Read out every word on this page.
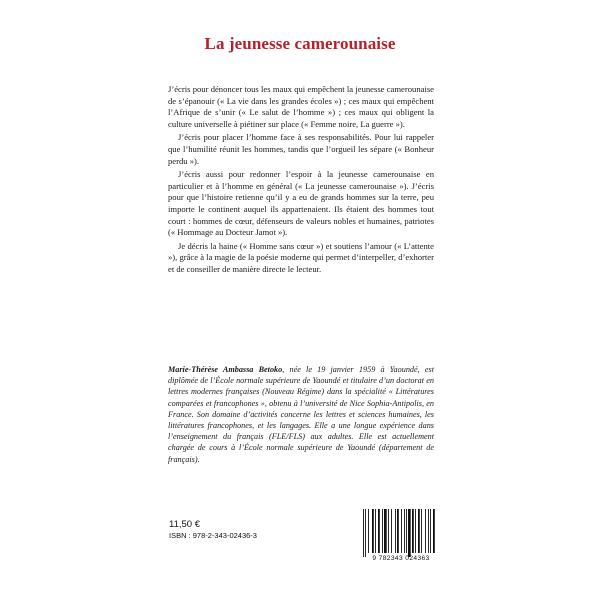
La jeunesse camerounaise

J’écris pour dénoncer tous les maux qui empêchent la jeunesse camerounaise de s’épanouir (« La vie dans les grandes écoles ») ; ces maux qui empêchent l’Afrique de s’unir (« Le salut de l’homme ») ; ces maux qui obligent la culture universelle à piétiner sur place (« Femme noire, La guerre »).

J’écris pour placer l’homme face à ses responsabilités. Pour lui rappeler que l’humilité réunit les hommes, tandis que l’orgueil les sépare (« Bonheur perdu »).

J’écris aussi pour redonner l’espoir à la jeunesse camerounaise en particulier et à l’homme en général (« La jeunesse camerounaise »). J’écris pour que l’histoire retienne qu’il y a eu de grands hommes sur la terre, peu importe le continent auquel ils appartenaient. Ils étaient des hommes tout court : hommes de cœur, défenseurs de valeurs nobles et humaines, patriotes (« Hommage au Docteur Jamot »).

Je décris la haine (« Homme sans cœur ») et soutiens l’amour (« L’attente »), grâce à la magie de la poésie moderne qui permet d’interpeller, d’exhorter et de conseiller de manière directe le lecteur.

Marie-Thérèse Ambassa Betoko, née le 19 janvier 1959 à Yaoundé, est diplômée de l’École normale supérieure de Yaoundé et titulaire d’un doctorat en lettres modernes françaises (Nouveau Régime) dans la spécialité « Littératures comparées et francophones », obtenu à l’université de Nice Sophia-Antipolis, en France. Son domaine d’activités concerne les lettres et sciences humaines, les littératures francophones, et les langages. Elle a une longue expérience dans l’enseignement du français (FLE/FLS) aux adultes. Elle est actuellement chargée de cours à l’École normale supérieure de Yaoundé (département de français).
11,50 €
ISBN : 978-2-343-02436-3
9 782343 024363
